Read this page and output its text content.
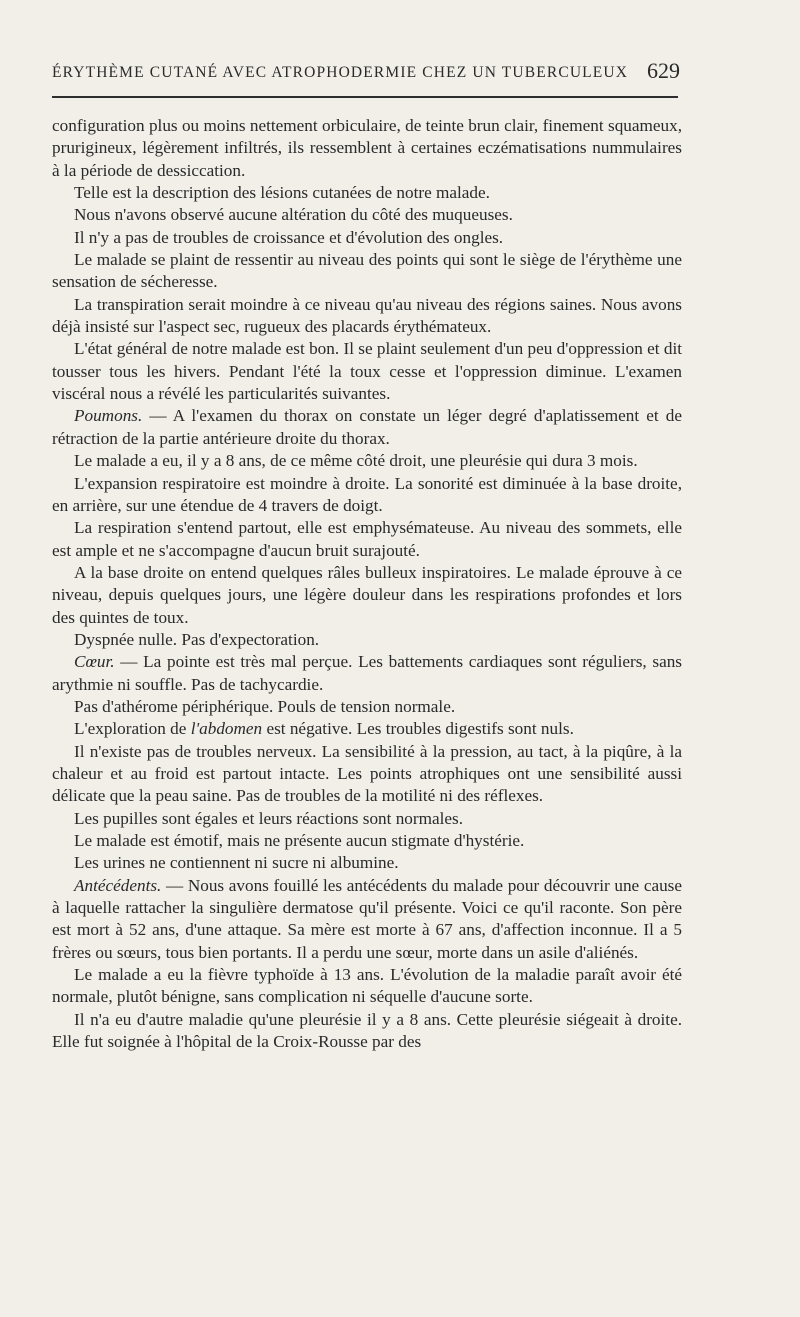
ÉRYTHÈME CUTANÉ AVEC ATROPHODERMIE CHEZ UN TUBERCULEUX 629

configuration plus ou moins nettement orbiculaire, de teinte brun clair, finement squameux, prurigineux, légèrement infiltrés, ils ressemblent à certaines eczématisations nummulaires à la période de dessiccation.

Telle est la description des lésions cutanées de notre malade.

Nous n'avons observé aucune altération du côté des muqueuses.

Il n'y a pas de troubles de croissance et d'évolution des ongles.

Le malade se plaint de ressentir au niveau des points qui sont le siège de l'érythème une sensation de sécheresse.

La transpiration serait moindre à ce niveau qu'au niveau des régions saines. Nous avons déjà insisté sur l'aspect sec, rugueux des placards érythémateux.

L'état général de notre malade est bon. Il se plaint seulement d'un peu d'oppression et dit tousser tous les hivers. Pendant l'été la toux cesse et l'oppression diminue. L'examen viscéral nous a révélé les particularités suivantes.

Poumons. — A l'examen du thorax on constate un léger degré d'aplatissement et de rétraction de la partie antérieure droite du thorax.

Le malade a eu, il y a 8 ans, de ce même côté droit, une pleurésie qui dura 3 mois.

L'expansion respiratoire est moindre à droite. La sonorité est diminuée à la base droite, en arrière, sur une étendue de 4 travers de doigt.

La respiration s'entend partout, elle est emphysémateuse. Au niveau des sommets, elle est ample et ne s'accompagne d'aucun bruit surajouté.

A la base droite on entend quelques râles bulleux inspiratoires. Le malade éprouve à ce niveau, depuis quelques jours, une légère douleur dans les respirations profondes et lors des quintes de toux.

Dyspnée nulle. Pas d'expectoration.

Cœur. — La pointe est très mal perçue. Les battements cardiaques sont réguliers, sans arythmie ni souffle. Pas de tachycardie.

Pas d'athérome périphérique. Pouls de tension normale.

L'exploration de l'abdomen est négative. Les troubles digestifs sont nuls.

Il n'existe pas de troubles nerveux. La sensibilité à la pression, au tact, à la piqûre, à la chaleur et au froid est partout intacte. Les points atrophiques ont une sensibilité aussi délicate que la peau saine. Pas de troubles de la motilité ni des réflexes.

Les pupilles sont égales et leurs réactions sont normales.

Le malade est émotif, mais ne présente aucun stigmate d'hystérie.

Les urines ne contiennent ni sucre ni albumine.

Antécédents. — Nous avons fouillé les antécédents du malade pour découvrir une cause à laquelle rattacher la singulière dermatose qu'il présente. Voici ce qu'il raconte. Son père est mort à 52 ans, d'une attaque. Sa mère est morte à 67 ans, d'affection inconnue. Il a 5 frères ou sœurs, tous bien portants. Il a perdu une sœur, morte dans un asile d'aliénés.

Le malade a eu la fièvre typhoïde à 13 ans. L'évolution de la maladie paraît avoir été normale, plutôt bénigne, sans complication ni séquelle d'aucune sorte.

Il n'a eu d'autre maladie qu'une pleurésie il y a 8 ans. Cette pleurésie siégeait à droite. Elle fut soignée à l'hôpital de la Croix-Rousse par des
